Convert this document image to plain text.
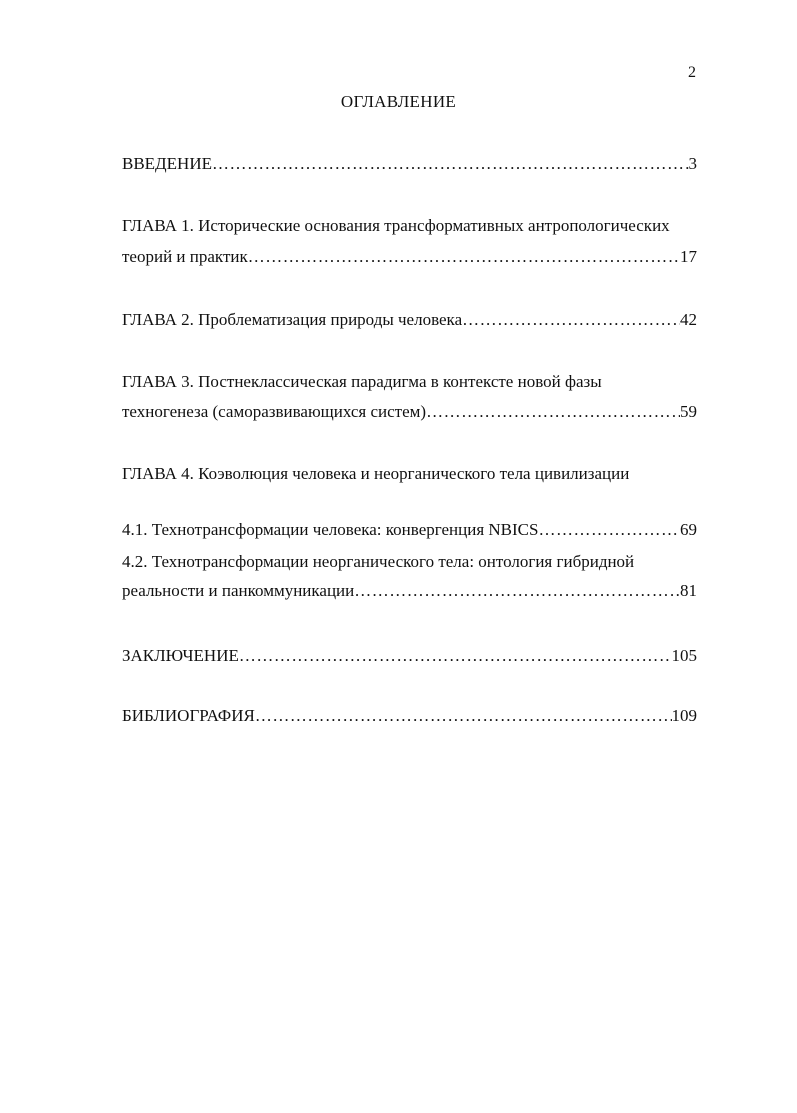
2
ОГЛАВЛЕНИЕ
ВВЕДЕНИЕ ………………………………………………………………………………………………………………………………………………………………………	3
ГЛАВА 1. Исторические основания трансформативных антропологических
теорий и практик ………………………………………………………………………………………………………………………………………………………………………	17
ГЛАВА 2. Проблематизация природы человека ………………………………………………………………………………………………………………………………………………………………………	42
ГЛАВА 3. Постнеклассическая парадигма в контексте новой фазы
техногенеза (саморазвивающихся систем) ………………………………………………………………………………………………………………………………………………………………………	59
ГЛАВА 4. Коэволюция человека и неорганического тела цивилизации
4.1. Технотрансформации человека: конвергенция NBICS ………………………………………………………………………………………………………………………………………………………………………	69
4.2. Технотрансформации неорганического тела: онтология гибридной
реальности и панкоммуникации ………………………………………………………………………………………………………………………………………………………………………	81
ЗАКЛЮЧЕНИЕ ………………………………………………………………………………………………………………………………………………………………………	105
БИБЛИОГРАФИЯ ………………………………………………………………………………………………………………………………………………………………………	109
